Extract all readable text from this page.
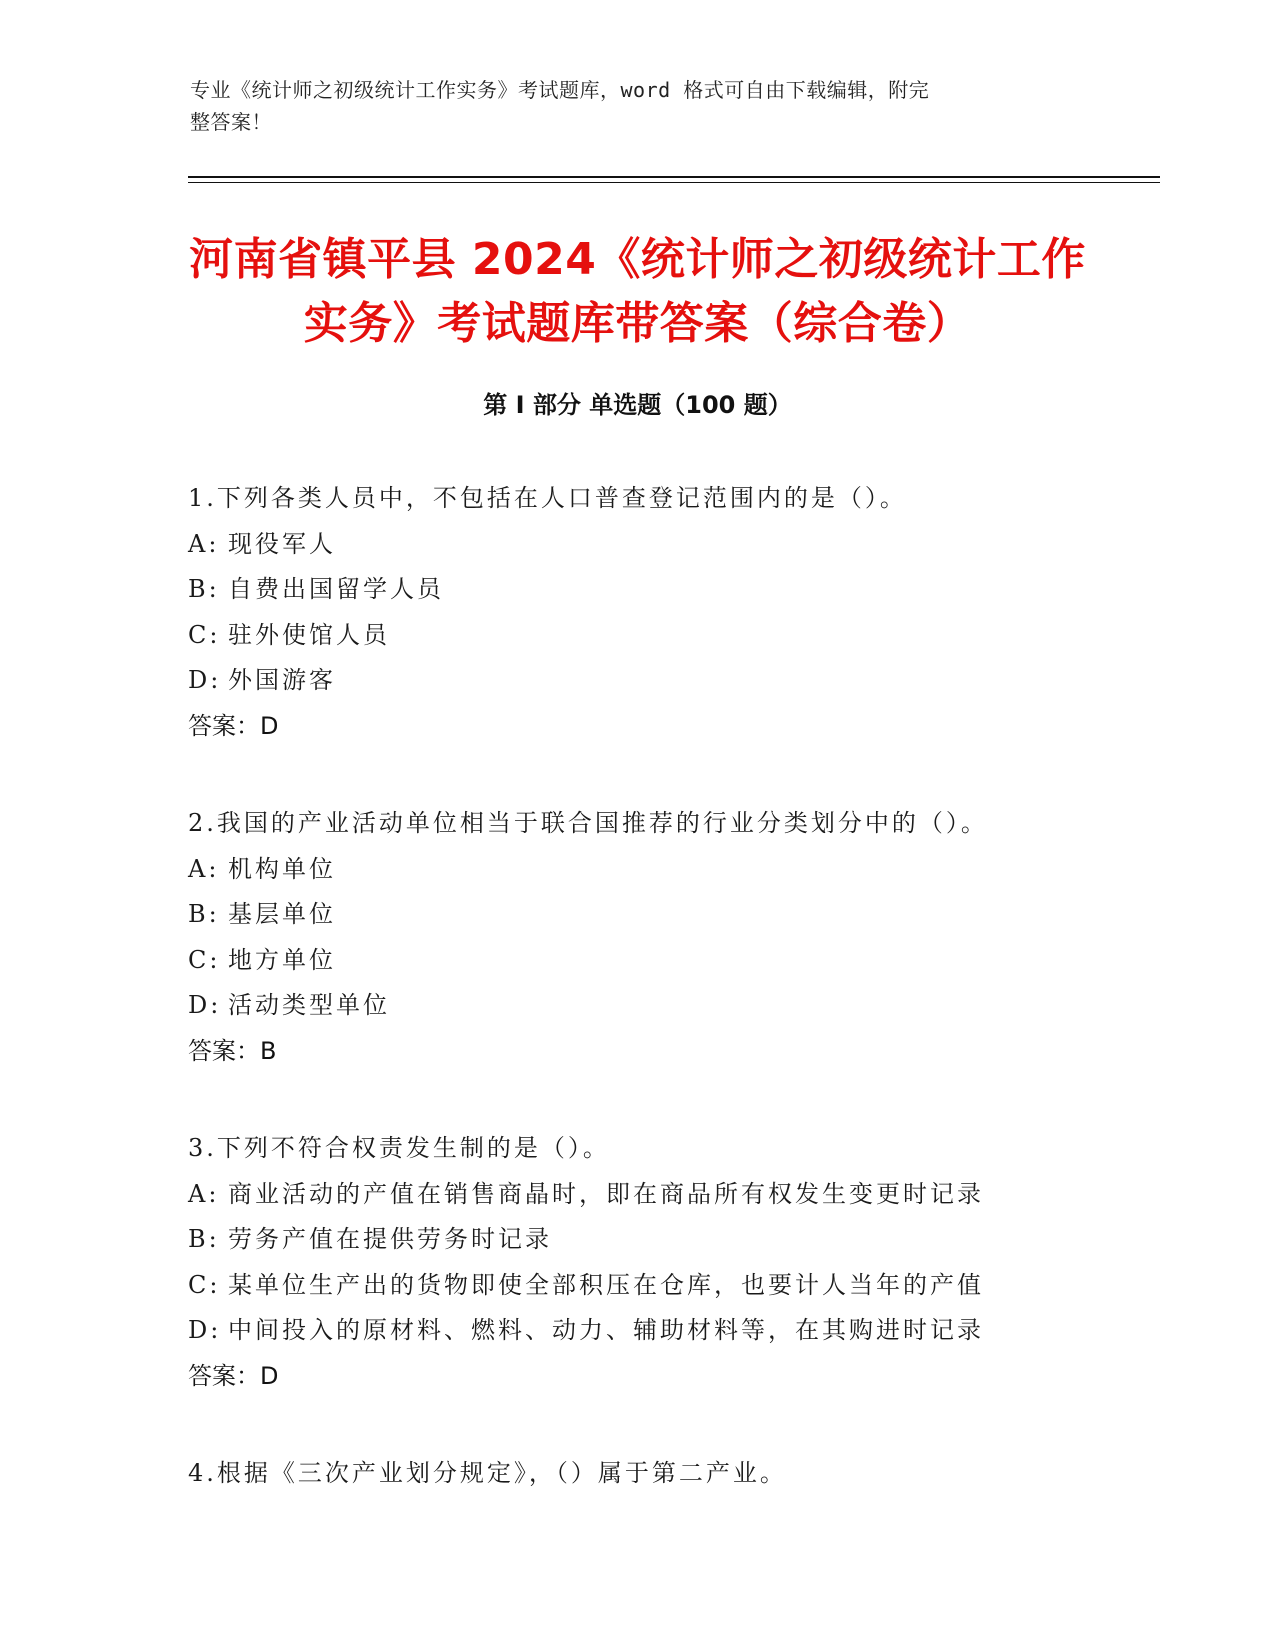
专业《统计师之初级统计工作实务》考试题库，word 格式可自由下载编辑，附完
整答案！
河南省镇平县 2024《统计师之初级统计工作
实务》考试题库带答案（综合卷）
第 I 部分 单选题（100 题）
1.下列各类人员中，不包括在人口普查登记范围内的是（）。
A: 现役军人
B: 自费出国留学人员
C: 驻外使馆人员
D: 外国游客
答案：D
2.我国的产业活动单位相当于联合国推荐的行业分类划分中的（）。
A: 机构单位
B: 基层单位
C: 地方单位
D: 活动类型单位
答案：B
3.下列不符合权责发生制的是（）。
A: 商业活动的产值在销售商晶时，即在商品所有权发生变更时记录
B: 劳务产值在提供劳务时记录
C: 某单位生产出的货物即使全部积压在仓库，也要计人当年的产值
D: 中间投入的原材料、燃料、动力、辅助材料等，在其购进时记录
答案：D
4.根据《三次产业划分规定》，（）属于第二产业。
